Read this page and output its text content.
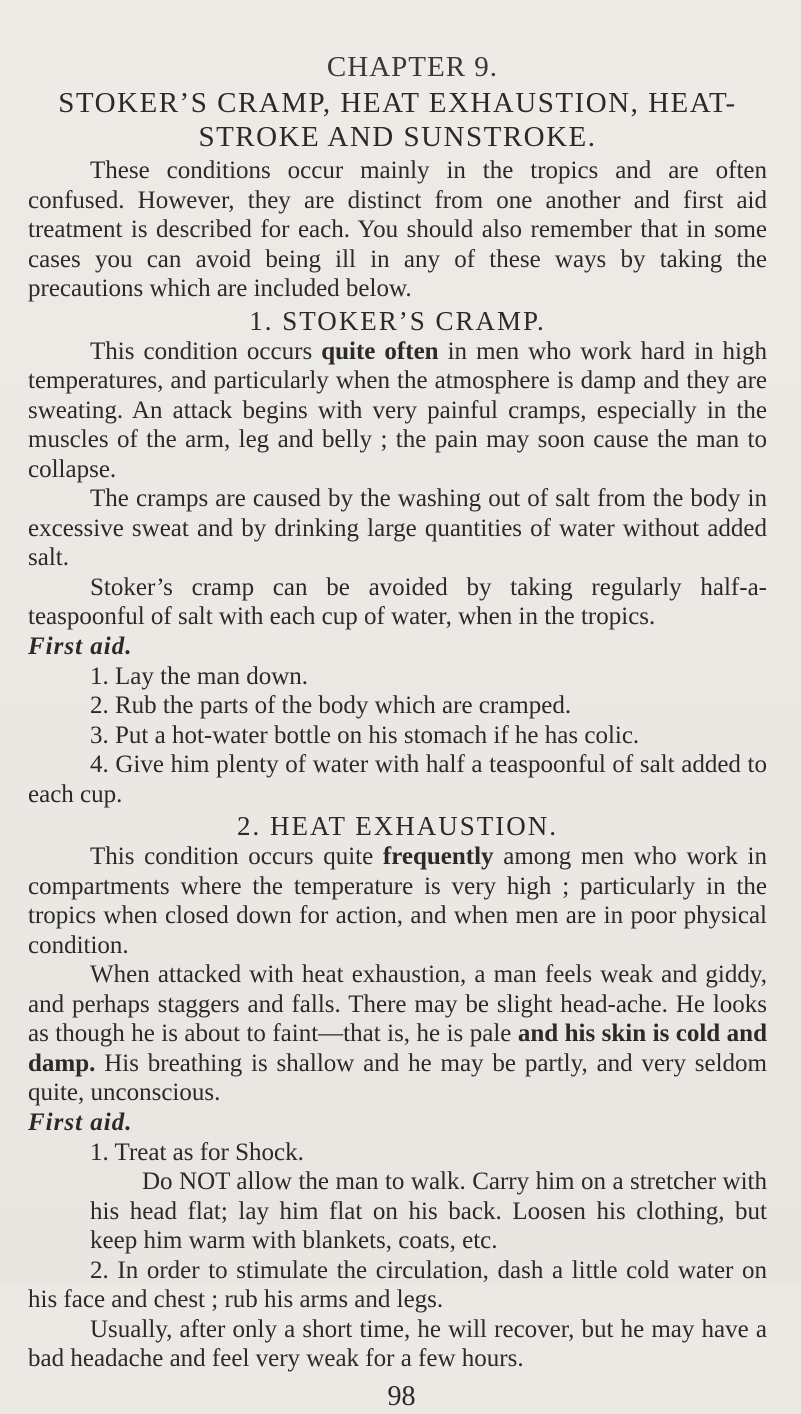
CHAPTER 9.
STOKER’S CRAMP, HEAT EXHAUSTION, HEAT-STROKE AND SUNSTROKE.

These conditions occur mainly in the tropics and are often confused. However, they are distinct from one another and first aid treatment is described for each. You should also remember that in some cases you can avoid being ill in any of these ways by taking the precautions which are included below.

1. STOKER’S CRAMP.

This condition occurs quite often in men who work hard in high temperatures, and particularly when the atmosphere is damp and they are sweating. An attack begins with very painful cramps, especially in the muscles of the arm, leg and belly ; the pain may soon cause the man to collapse.

The cramps are caused by the washing out of salt from the body in excessive sweat and by drinking large quantities of water without added salt.

Stoker’s cramp can be avoided by taking regularly half-a-teaspoonful of salt with each cup of water, when in the tropics.

First aid.
1. Lay the man down.
2. Rub the parts of the body which are cramped.
3. Put a hot-water bottle on his stomach if he has colic.

4. Give him plenty of water with half a teaspoonful of salt added to each cup.

2. HEAT EXHAUSTION.

This condition occurs quite frequently among men who work in compartments where the temperature is very high ; particularly in the tropics when closed down for action, and when men are in poor physical condition.

When attacked with heat exhaustion, a man feels weak and giddy, and perhaps staggers and falls. There may be slight head-ache. He looks as though he is about to faint—that is, he is pale and his skin is cold and damp. His breathing is shallow and he may be partly, and very seldom quite, unconscious.

First aid.
1. Treat as for Shock.
Do NOT allow the man to walk. Carry him on a stretcher with his head flat; lay him flat on his back. Loosen his clothing, but keep him warm with blankets, coats, etc.

2. In order to stimulate the circulation, dash a little cold water on his face and chest ; rub his arms and legs.

Usually, after only a short time, he will recover, but he may have a bad headache and feel very weak for a few hours.

98
